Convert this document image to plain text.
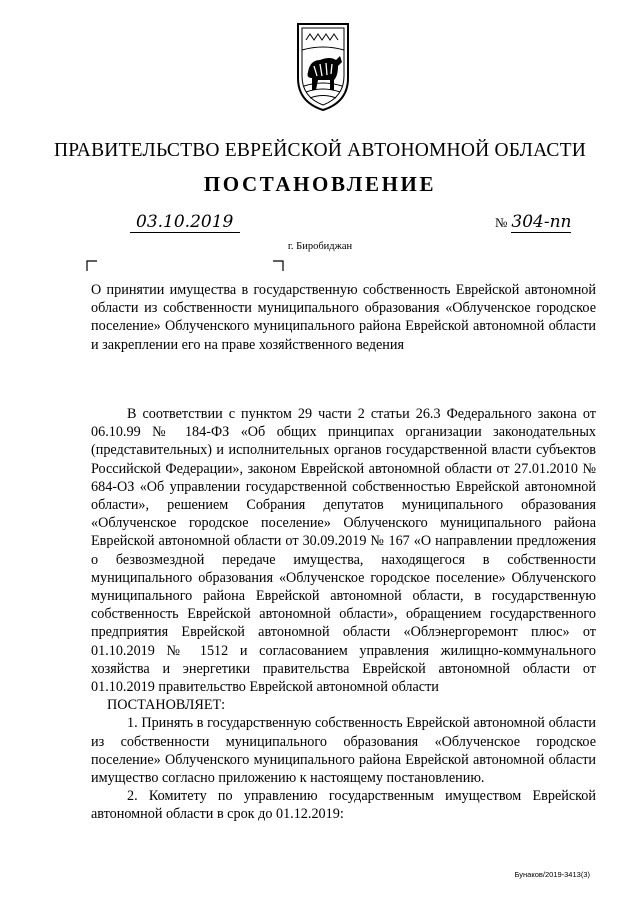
ПРАВИТЕЛЬСТВО ЕВРЕЙСКОЙ АВТОНОМНОЙ ОБЛАСТИ
ПОСТАНОВЛЕНИЕ
03.10.2019	№ 304-пп
г. Биробиджан
О принятии имущества в государственную собственность Еврейской автономной области из собственности муниципального образования «Облученское городское поселение» Облученского муниципального района Еврейской автономной области и закреплении его на праве хозяйственного ведения

В соответствии с пунктом 29 части 2 статьи 26.3 Федерального закона от 06.10.99 № 184-ФЗ «Об общих принципах организации законодательных (представительных) и исполнительных органов государственной власти субъектов Российской Федерации», законом Еврейской автономной области от 27.01.2010 № 684-ОЗ «Об управлении государственной собственностью Еврейской автономной области», решением Собрания депутатов муниципального образования «Облученское городское поселение» Облученского муниципального района Еврейской автономной области от 30.09.2019 № 167 «О направлении предложения о безвозмездной передаче имущества, находящегося в собственности муниципального образования «Облученское городское поселение» Облученского муниципального района Еврейской автономной области, в государственную собственность Еврейской автономной области», обращением государственного предприятия Еврейской автономной области «Облэнергоремонт плюс» от 01.10.2019 № 1512 и согласованием управления жилищно-коммунального хозяйства и энергетики правительства Еврейской автономной области от 01.10.2019 правительство Еврейской автономной области

ПОСТАНОВЛЯЕТ:

1. Принять в государственную собственность Еврейской автономной области из собственности муниципального образования «Облученское городское поселение» Облученского муниципального района Еврейской автономной области имущество согласно приложению к настоящему постановлению.

2. Комитету по управлению государственным имуществом Еврейской автономной области в срок до 01.12.2019:

Бунаков/2019-3413(3)
